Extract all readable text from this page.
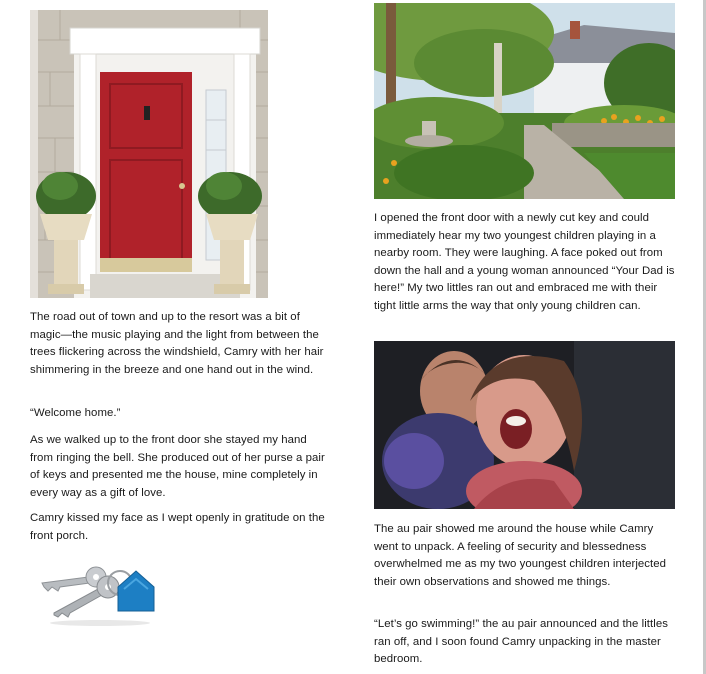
The road out of town and up to the resort was a bit of magic—the music playing and the light from between the trees flickering across the windshield, Camry with her hair shimmering in the breeze and one hand out in the wind.

“Welcome home.”

As we walked up to the front door she stayed my hand from ringing the bell. She produced out of her purse a pair of keys and presented me the house, mine completely in every way as a gift of love.

Camry kissed my face as I wept openly in gratitude on the front porch.

I opened the front door with a newly cut key and could immediately hear my two youngest children playing in a nearby room. They were laughing. A face poked out from down the hall and a young woman announced “Your Dad is here!” My two littles ran out and embraced me with their tight little arms the way that only young children can.

The au pair showed me around the house while Camry went to unpack. A feeling of security and blessedness overwhelmed me as my two youngest children interjected their own observations and showed me things.

“Let’s go swimming!” the au pair announced and the littles ran off, and I soon found Camry unpacking in the master bedroom.
